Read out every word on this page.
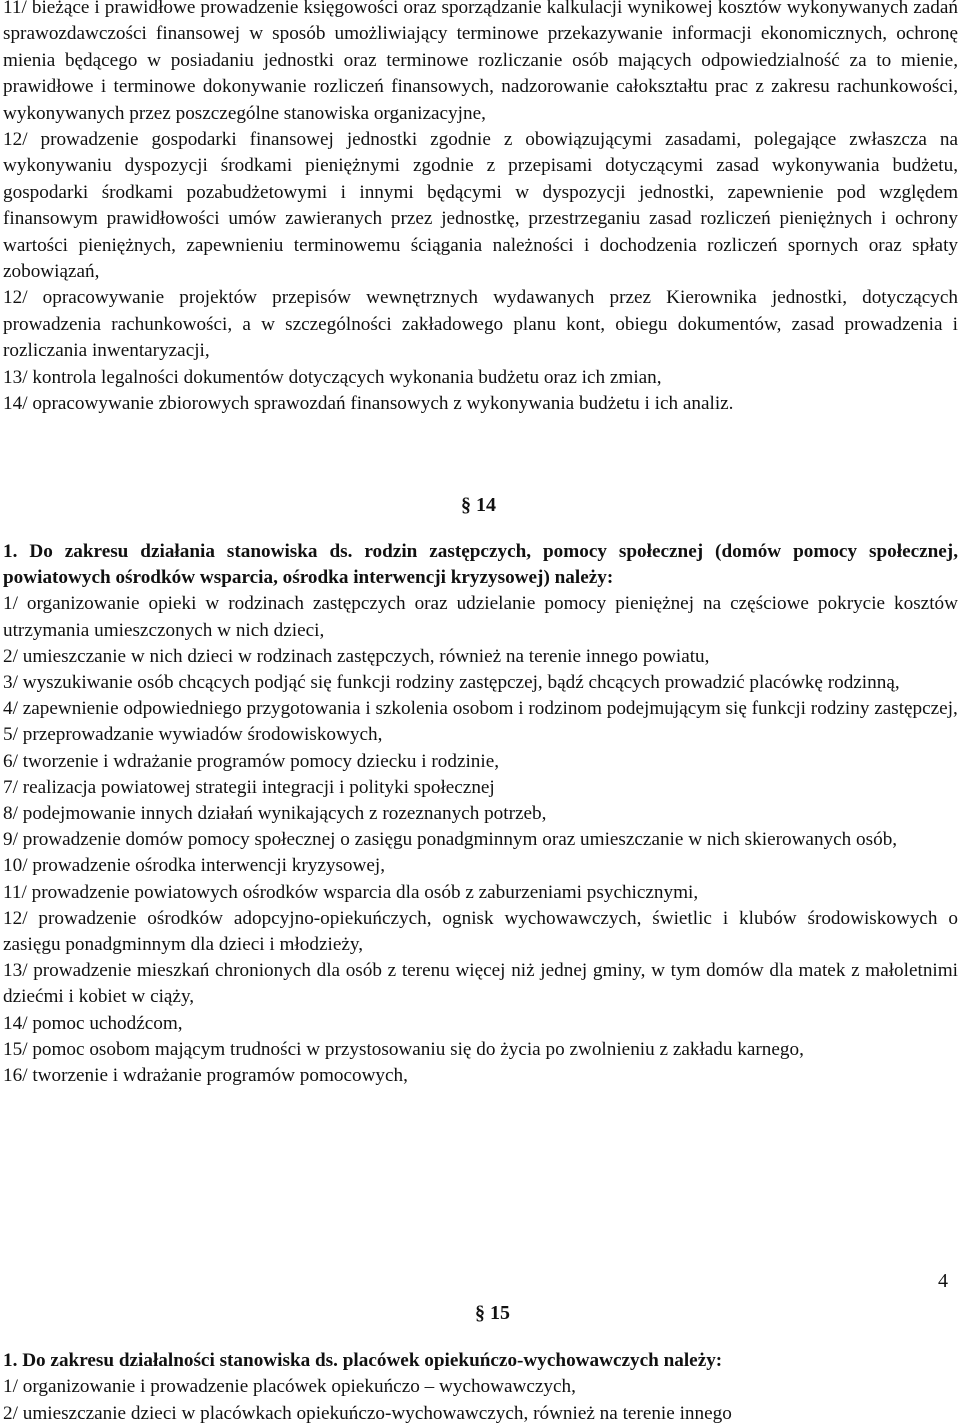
11/ bieżące i prawidłowe prowadzenie księgowości oraz sporządzanie kalkulacji wynikowej kosztów wykonywanych zadań sprawozdawczości finansowej w sposób umożliwiający terminowe przekazywanie informacji ekonomicznych, ochronę mienia będącego w posiadaniu jednostki oraz terminowe rozliczanie osób mających odpowiedzialność za to mienie, prawidłowe i terminowe dokonywanie rozliczeń finansowych, nadzorowanie całokształtu prac z zakresu rachunkowości, wykonywanych przez poszczególne stanowiska organizacyjne,

12/ prowadzenie gospodarki finansowej jednostki zgodnie z obowiązującymi zasadami, polegające zwłaszcza na wykonywaniu dyspozycji środkami pieniężnymi zgodnie z przepisami dotyczącymi zasad wykonywania budżetu, gospodarki środkami pozabudżetowymi i innymi będącymi w dyspozycji jednostki, zapewnienie pod względem finansowym prawidłowości umów zawieranych przez jednostkę, przestrzeganiu zasad rozliczeń pieniężnych i ochrony wartości pieniężnych, zapewnieniu terminowemu ściągania należności i dochodzenia rozliczeń spornych oraz spłaty zobowiązań,

12/ opracowywanie projektów przepisów wewnętrznych wydawanych przez Kierownika jednostki, dotyczących prowadzenia rachunkowości, a w szczególności zakładowego planu kont, obiegu dokumentów, zasad prowadzenia i rozliczania inwentaryzacji,

13/ kontrola legalności dokumentów dotyczących wykonania budżetu oraz ich zmian,

14/ opracowywanie zbiorowych sprawozdań finansowych z wykonywania budżetu i ich analiz.

§ 14
1. Do zakresu działania stanowiska ds. rodzin zastępczych, pomocy społecznej (domów pomocy społecznej, powiatowych ośrodków wsparcia, ośrodka interwencji kryzysowej) należy:

1/ organizowanie opieki w rodzinach zastępczych oraz udzielanie pomocy pieniężnej na częściowe pokrycie kosztów utrzymania umieszczonych w nich dzieci,

2/ umieszczanie w nich dzieci w rodzinach zastępczych, również na terenie innego powiatu,

3/ wyszukiwanie osób chcących podjąć się funkcji rodziny zastępczej, bądź chcących prowadzić placówkę rodzinną,

4/ zapewnienie odpowiedniego przygotowania i szkolenia osobom i rodzinom podejmującym się funkcji rodziny zastępczej,

5/ przeprowadzanie wywiadów środowiskowych,

6/ tworzenie i wdrażanie programów pomocy dziecku i rodzinie,

7/ realizacja powiatowej strategii integracji i polityki społecznej

8/ podejmowanie innych działań wynikających z rozeznanych potrzeb,

9/ prowadzenie domów pomocy społecznej o zasięgu ponadgminnym oraz umieszczanie w nich skierowanych osób,

10/ prowadzenie ośrodka interwencji kryzysowej,

11/ prowadzenie powiatowych ośrodków wsparcia dla osób z zaburzeniami psychicznymi,

12/ prowadzenie ośrodków adopcyjno-opiekuńczych, ognisk wychowawczych, świetlic i klubów środowiskowych o zasięgu ponadgminnym dla dzieci i młodzieży,

13/ prowadzenie mieszkań chronionych dla osób z terenu więcej niż jednej gminy, w tym domów dla matek z małoletnimi dziećmi i kobiet w ciąży,

14/ pomoc uchodźcom,

15/ pomoc osobom mającym trudności w przystosowaniu się do życia po zwolnieniu z zakładu karnego,

16/ tworzenie i wdrażanie programów pomocowych,

4
§ 15
1. Do zakresu działalności stanowiska ds. placówek opiekuńczo-wychowawczych należy:

1/ organizowanie i prowadzenie placówek opiekuńczo – wychowawczych,

2/ umieszczanie dzieci w placówkach opiekuńczo-wychowawczych, również na terenie innego
